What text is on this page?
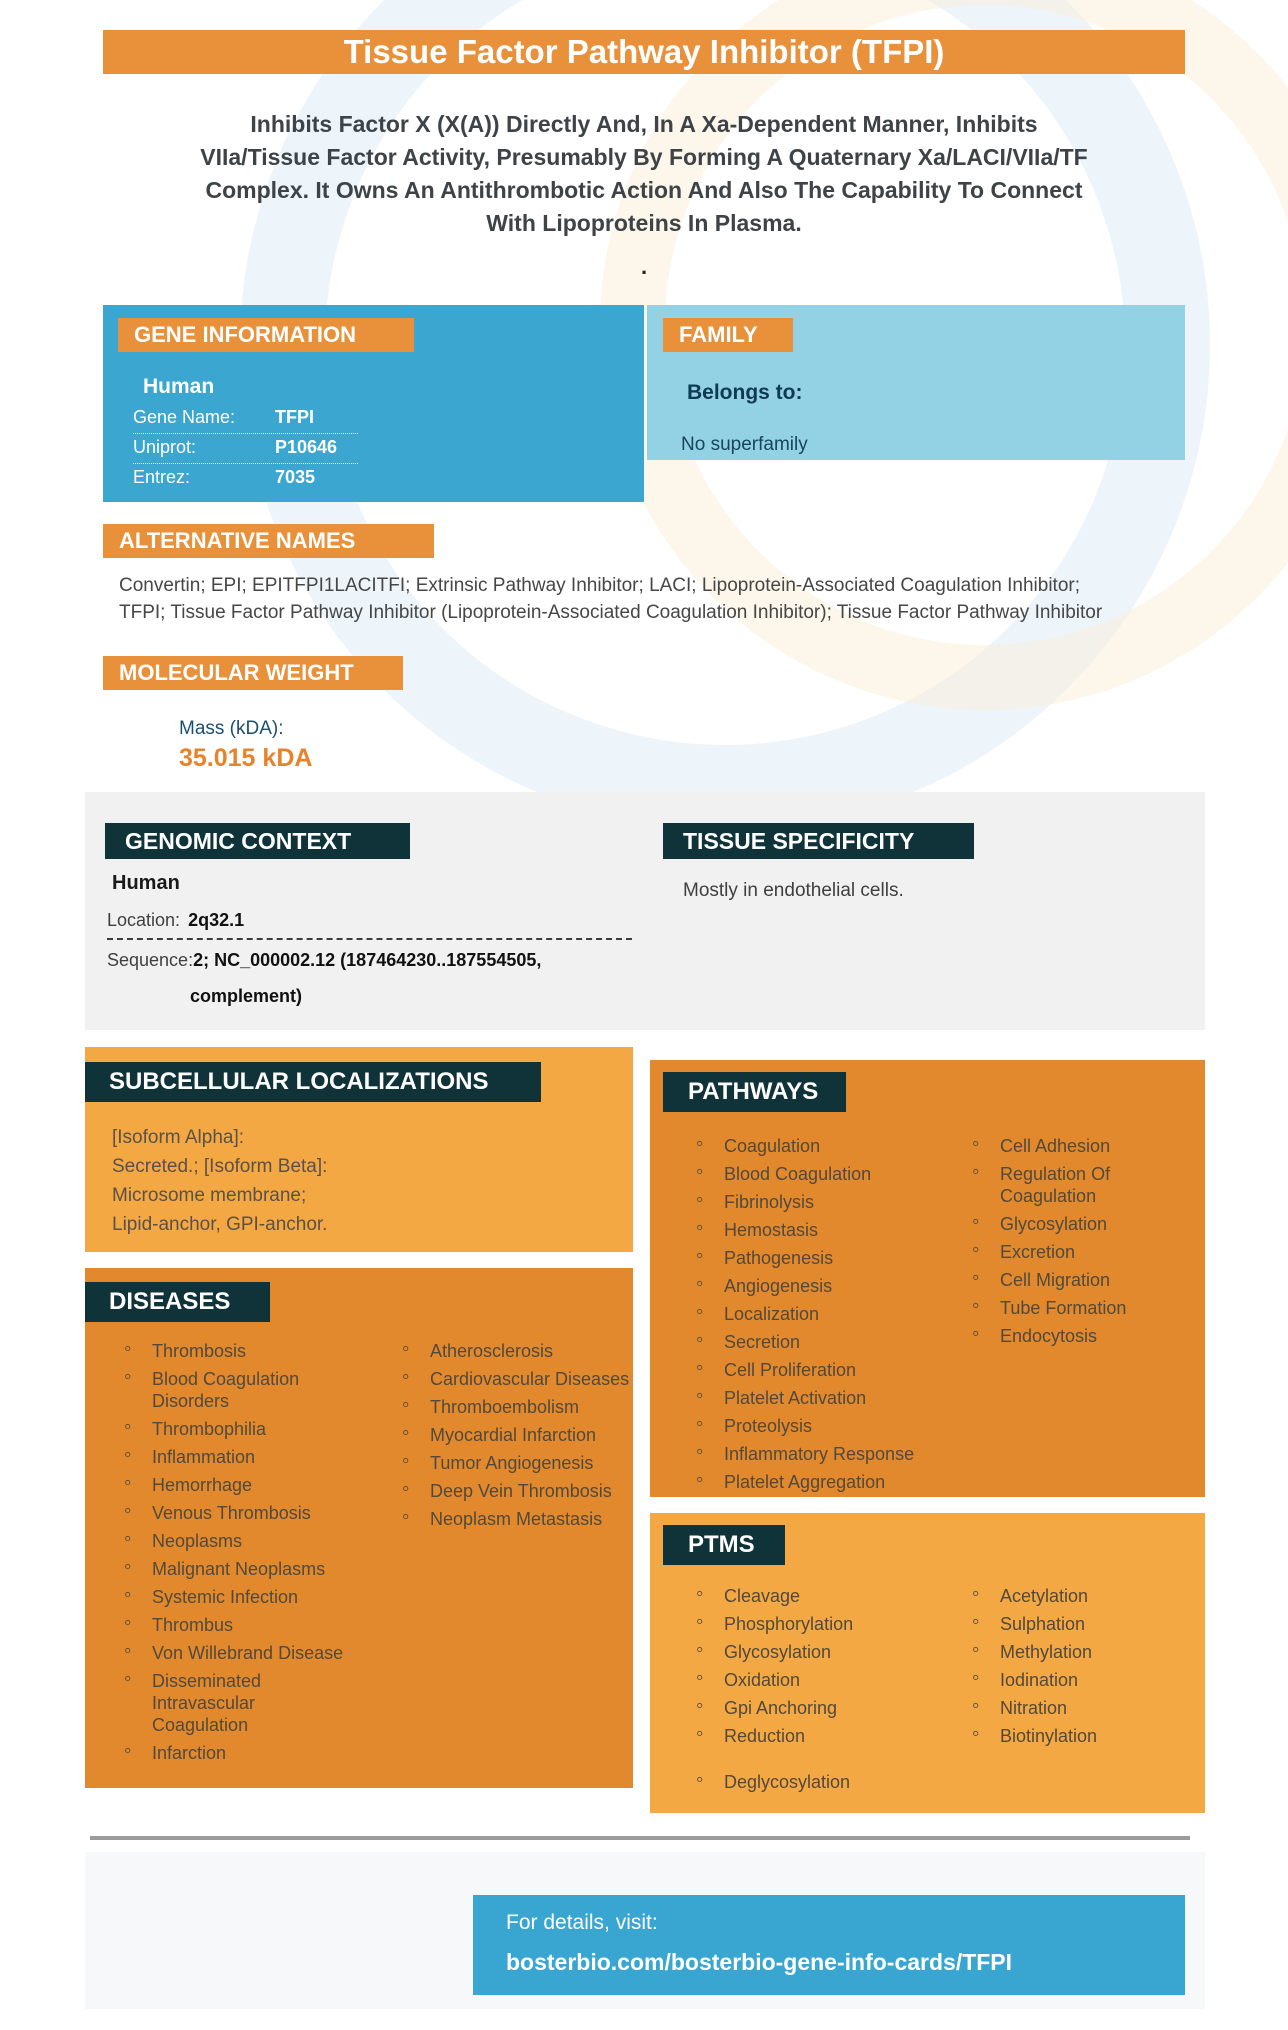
Tissue Factor Pathway Inhibitor (TFPI)
Inhibits Factor X (X(A)) Directly And, In A Xa-Dependent Manner, Inhibits
VIIa/Tissue Factor Activity, Presumably By Forming A Quaternary Xa/LACI/VIIa/TF
Complex. It Owns An Antithrombotic Action And Also The Capability To Connect
With Lipoproteins In Plasma.
.
GENE INFORMATION
Human
Gene Name:	TFPI
Uniprot:	P10646
Entrez:	7035
FAMILY
Belongs to:
No superfamily
ALTERNATIVE NAMES
Convertin; EPI; EPITFPI1LACITFI; Extrinsic Pathway Inhibitor; LACI; Lipoprotein-Associated Coagulation Inhibitor;
TFPI; Tissue Factor Pathway Inhibitor (Lipoprotein-Associated Coagulation Inhibitor); Tissue Factor Pathway Inhibitor
MOLECULAR WEIGHT
Mass (kDA):
35.015 kDA
GENOMIC CONTEXT
Human
Location: 2q32.1
Sequence:2; NC_000002.12 (187464230..187554505,
complement)
TISSUE SPECIFICITY
Mostly in endothelial cells.
SUBCELLULAR LOCALIZATIONS
[Isoform Alpha]:
Secreted.; [Isoform Beta]:
Microsome membrane;
Lipid-anchor, GPI-anchor.
PATHWAYS
◦ Coagulation
◦ Blood Coagulation
◦ Fibrinolysis
◦ Hemostasis
◦ Pathogenesis
◦ Angiogenesis
◦ Localization
◦ Secretion
◦ Cell Proliferation
◦ Platelet Activation
◦ Proteolysis
◦ Inflammatory Response
◦ Platelet Aggregation
◦ Cell Adhesion
◦ Regulation Of Coagulation
◦ Glycosylation
◦ Excretion
◦ Cell Migration
◦ Tube Formation
◦ Endocytosis
DISEASES
◦ Thrombosis
◦ Blood Coagulation Disorders
◦ Thrombophilia
◦ Inflammation
◦ Hemorrhage
◦ Venous Thrombosis
◦ Neoplasms
◦ Malignant Neoplasms
◦ Systemic Infection
◦ Thrombus
◦ Von Willebrand Disease
◦ Disseminated Intravascular Coagulation
◦ Infarction
◦ Atherosclerosis
◦ Cardiovascular Diseases
◦ Thromboembolism
◦ Myocardial Infarction
◦ Tumor Angiogenesis
◦ Deep Vein Thrombosis
◦ Neoplasm Metastasis
PTMS
◦ Cleavage
◦ Phosphorylation
◦ Glycosylation
◦ Oxidation
◦ Gpi Anchoring
◦ Reduction
◦ Deglycosylation
◦ Acetylation
◦ Sulphation
◦ Methylation
◦ Iodination
◦ Nitration
◦ Biotinylation
For details, visit:
bosterbio.com/bosterbio-gene-info-cards/TFPI
